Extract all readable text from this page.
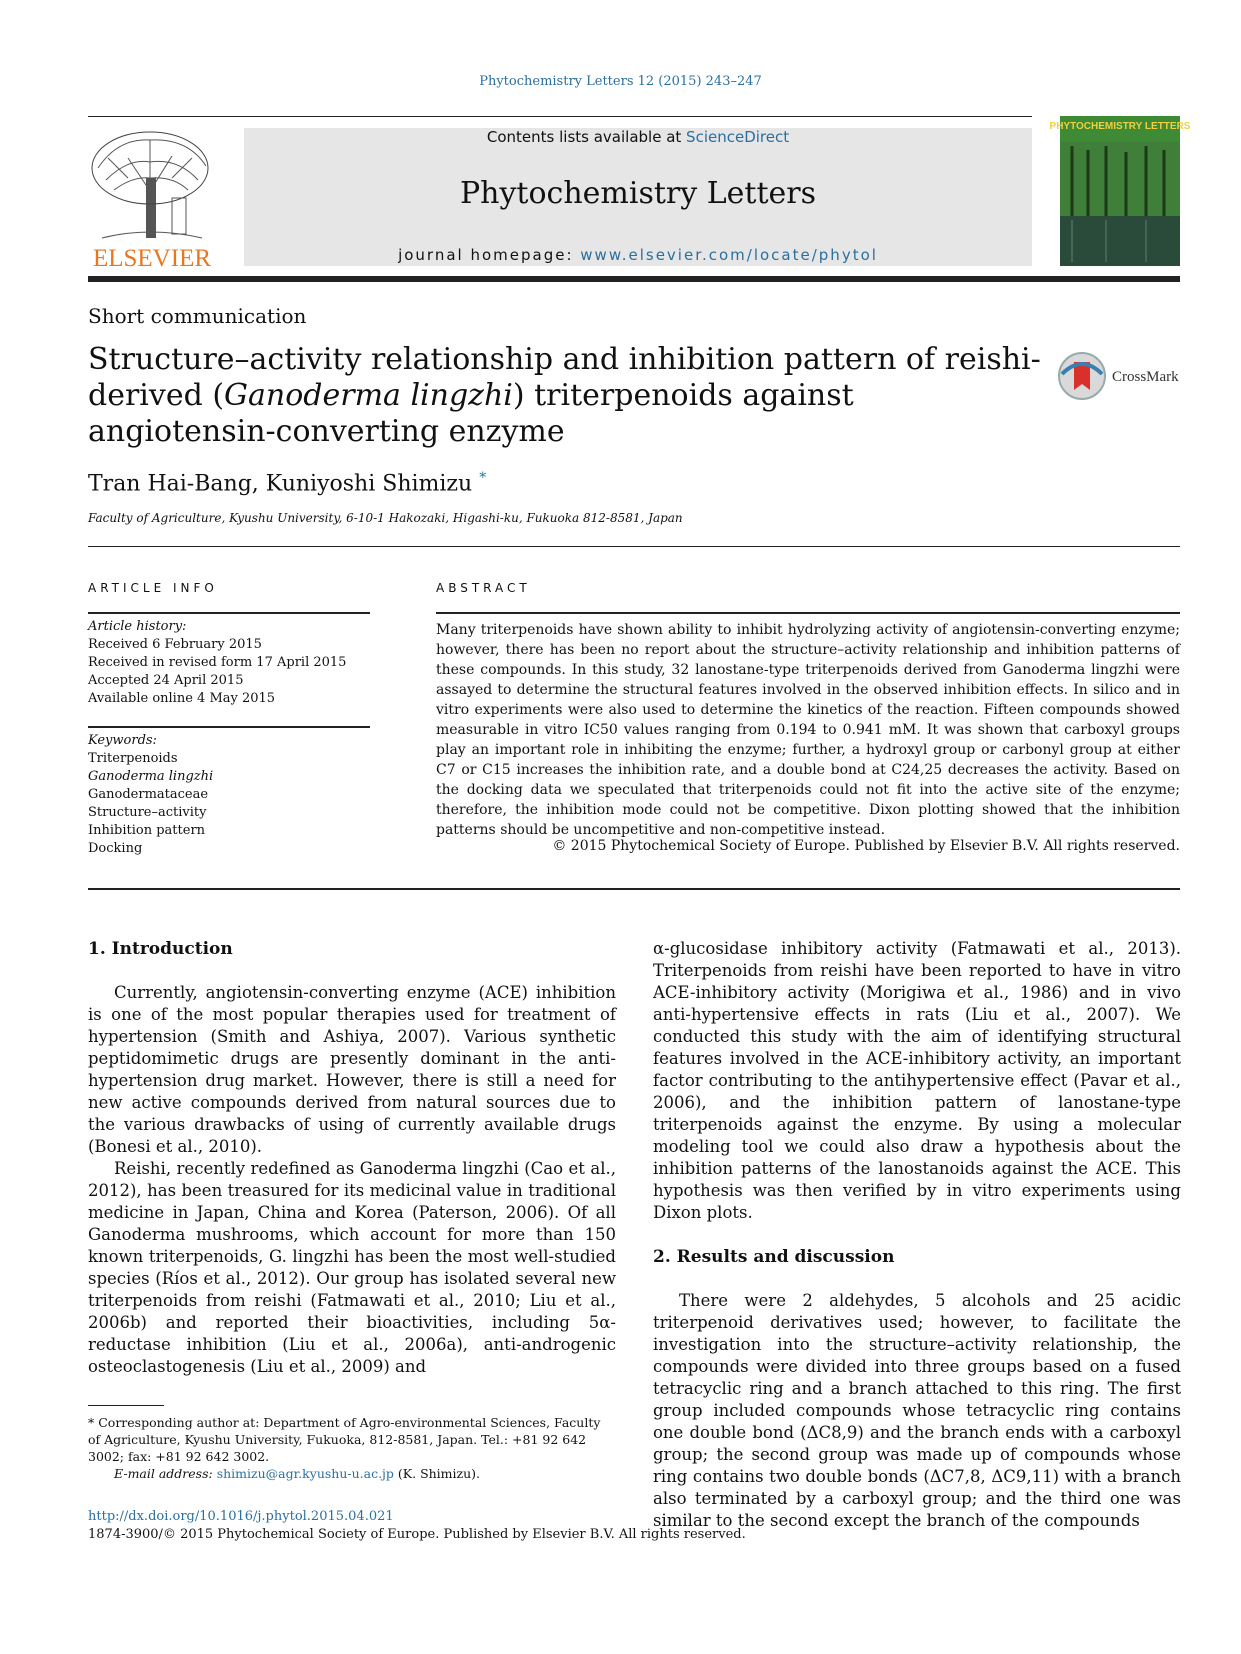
Phytochemistry Letters 12 (2015) 243–247
ELSEVIER
Contents lists available at ScienceDirect
Phytochemistry Letters
journal homepage: www.elsevier.com/locate/phytol
PHYTOCHEMISTRY LETTERS
Short communication
Structure–activity relationship and inhibition pattern of reishi-derived (Ganoderma lingzhi) triterpenoids against angiotensin-converting enzyme
CrossMark
Tran Hai-Bang, Kuniyoshi Shimizu *
Faculty of Agriculture, Kyushu University, 6-10-1 Hakozaki, Higashi-ku, Fukuoka 812-8581, Japan
ARTICLE INFO
Article history:
Received 6 February 2015
Received in revised form 17 April 2015
Accepted 24 April 2015
Available online 4 May 2015
Keywords:
Triterpenoids
Ganoderma lingzhi
Ganodermataceae
Structure–activity
Inhibition pattern
Docking
ABSTRACT
Many triterpenoids have shown ability to inhibit hydrolyzing activity of angiotensin-converting enzyme; however, there has been no report about the structure–activity relationship and inhibition patterns of these compounds. In this study, 32 lanostane-type triterpenoids derived from Ganoderma lingzhi were assayed to determine the structural features involved in the observed inhibition effects. In silico and in vitro experiments were also used to determine the kinetics of the reaction. Fifteen compounds showed measurable in vitro IC50 values ranging from 0.194 to 0.941 mM. It was shown that carboxyl groups play an important role in inhibiting the enzyme; further, a hydroxyl group or carbonyl group at either C7 or C15 increases the inhibition rate, and a double bond at C24,25 decreases the activity. Based on the docking data we speculated that triterpenoids could not fit into the active site of the enzyme; therefore, the inhibition mode could not be competitive. Dixon plotting showed that the inhibition patterns should be uncompetitive and non-competitive instead.
© 2015 Phytochemical Society of Europe. Published by Elsevier B.V. All rights reserved.
1. Introduction

Currently, angiotensin-converting enzyme (ACE) inhibition is one of the most popular therapies used for treatment of hypertension (Smith and Ashiya, 2007). Various synthetic peptidomimetic drugs are presently dominant in the anti-hypertension drug market. However, there is still a need for new active compounds derived from natural sources due to the various drawbacks of using of currently available drugs (Bonesi et al., 2010).

Reishi, recently redefined as Ganoderma lingzhi (Cao et al., 2012), has been treasured for its medicinal value in traditional medicine in Japan, China and Korea (Paterson, 2006). Of all Ganoderma mushrooms, which account for more than 150 known triterpenoids, G. lingzhi has been the most well-studied species (Ríos et al., 2012). Our group has isolated several new triterpenoids from reishi (Fatmawati et al., 2010; Liu et al., 2006b) and reported their bioactivities, including 5α-reductase inhibition (Liu et al., 2006a), anti-androgenic osteoclastogenesis (Liu et al., 2009) and

α-glucosidase inhibitory activity (Fatmawati et al., 2013). Triterpenoids from reishi have been reported to have in vitro ACE-inhibitory activity (Morigiwa et al., 1986) and in vivo anti-hypertensive effects in rats (Liu et al., 2007). We conducted this study with the aim of identifying structural features involved in the ACE-inhibitory activity, an important factor contributing to the antihypertensive effect (Pavar et al., 2006), and the inhibition pattern of lanostane-type triterpenoids against the enzyme. By using a molecular modeling tool we could also draw a hypothesis about the inhibition patterns of the lanostanoids against the ACE. This hypothesis was then verified by in vitro experiments using Dixon plots.

2. Results and discussion

There were 2 aldehydes, 5 alcohols and 25 acidic triterpenoid derivatives used; however, to facilitate the investigation into the structure–activity relationship, the compounds were divided into three groups based on a fused tetracyclic ring and a branch attached to this ring. The first group included compounds whose tetracyclic ring contains one double bond (ΔC8,9) and the branch ends with a carboxyl group; the second group was made up of compounds whose ring contains two double bonds (ΔC7,8, ΔC9,11) with a branch also terminated by a carboxyl group; and the third one was similar to the second except the branch of the compounds

* Corresponding author at: Department of Agro-environmental Sciences, Faculty of Agriculture, Kyushu University, Fukuoka, 812-8581, Japan. Tel.: +81 92 642 3002; fax: +81 92 642 3002.
E-mail address: shimizu@agr.kyushu-u.ac.jp (K. Shimizu).
http://dx.doi.org/10.1016/j.phytol.2015.04.021
1874-3900/© 2015 Phytochemical Society of Europe. Published by Elsevier B.V. All rights reserved.
